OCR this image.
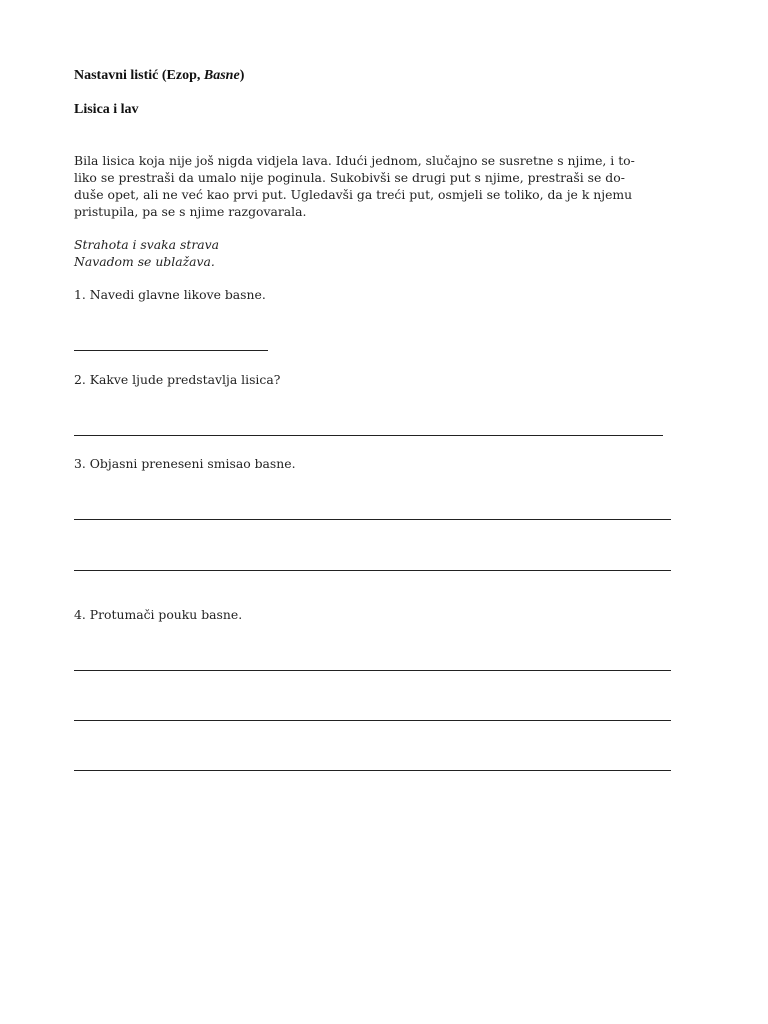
Nastavni listić (Ezop, Basne)
Lisica i lav
Bila lisica koja nije još nigda vidjela lava. Idući jednom, slučajno se susretne s njime, i to-
liko se prestraši da umalo nije poginula. Sukobivši se drugi put s njime, prestraši se do-
duše opet, ali ne već kao prvi put. Ugledavši ga treći put, osmjeli se toliko, da je k njemu
pristupila, pa se s njime razgovarala.
Strahota i svaka strava
Navadom se ublažava.
1. Navedi glavne likove basne.
2. Kakve ljude predstavlja lisica?
3. Objasni preneseni smisao basne.
4. Protumači pouku basne.
